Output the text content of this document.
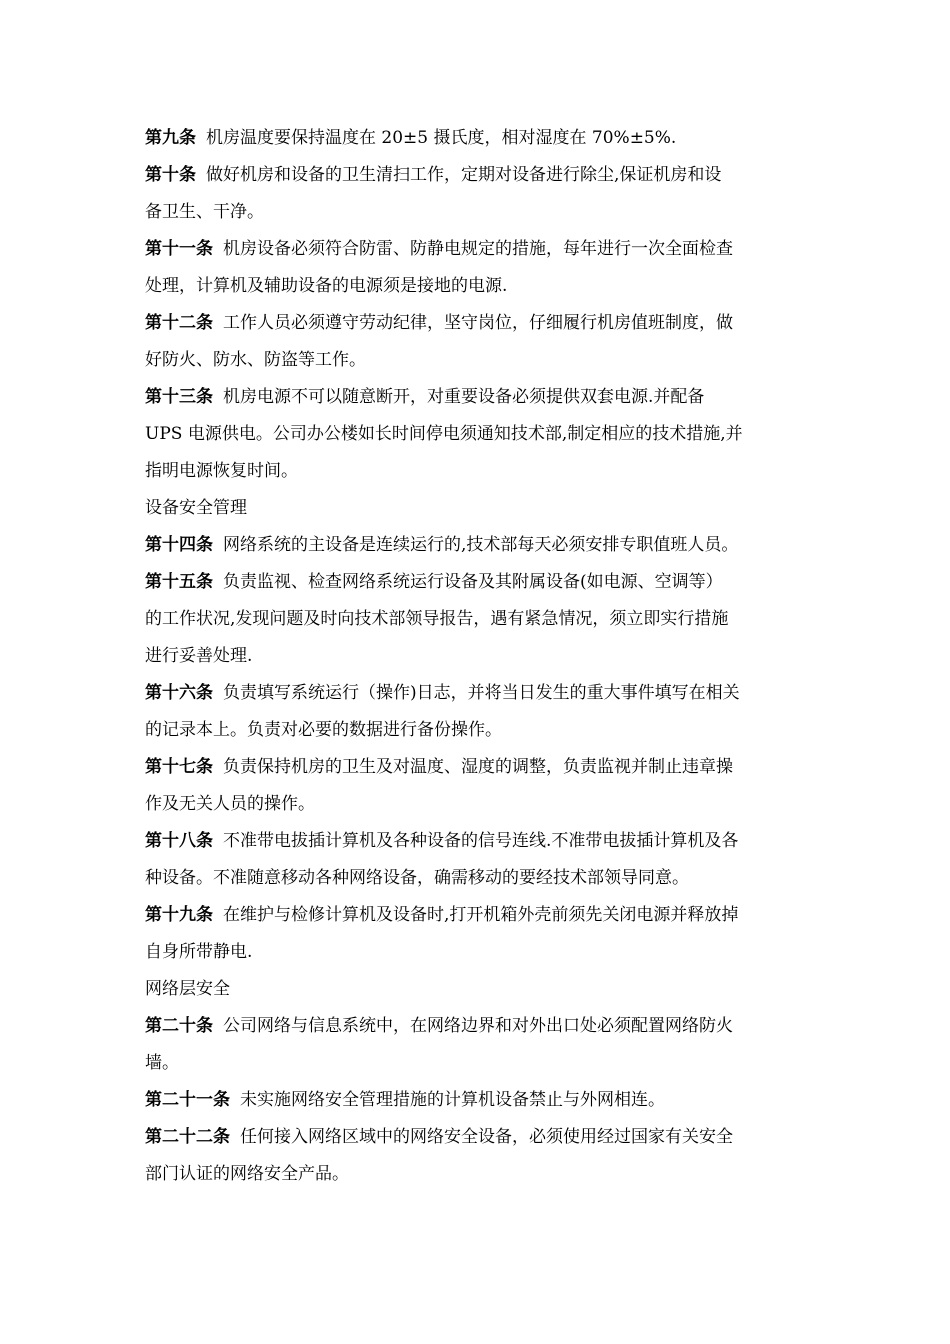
第九条 机房温度要保持温度在 20±5 摄氏度，相对湿度在 70%±5%.
第十条 做好机房和设备的卫生清扫工作，定期对设备进行除尘,保证机房和设
备卫生、干净。
第十一条 机房设备必须符合防雷、防静电规定的措施，每年进行一次全面检查
处理，计算机及辅助设备的电源须是接地的电源.
第十二条 工作人员必须遵守劳动纪律，坚守岗位，仔细履行机房值班制度，做
好防火、防水、防盗等工作。
第十三条 机房电源不可以随意断开，对重要设备必须提供双套电源.并配备
UPS 电源供电。公司办公楼如长时间停电须通知技术部,制定相应的技术措施,并
指明电源恢复时间。
设备安全管理
第十四条 网络系统的主设备是连续运行的,技术部每天必须安排专职值班人员。
第十五条 负责监视、检查网络系统运行设备及其附属设备(如电源、空调等）
的工作状况,发现问题及时向技术部领导报告，遇有紧急情况，须立即实行措施
进行妥善处理.
第十六条 负责填写系统运行（操作)日志，并将当日发生的重大事件填写在相关
的记录本上。负责对必要的数据进行备份操作。
第十七条 负责保持机房的卫生及对温度、湿度的调整，负责监视并制止违章操
作及无关人员的操作。
第十八条 不准带电拔插计算机及各种设备的信号连线.不准带电拔插计算机及各
种设备。不准随意移动各种网络设备，确需移动的要经技术部领导同意。
第十九条 在维护与检修计算机及设备时,打开机箱外壳前须先关闭电源并释放掉
自身所带静电.
网络层安全
第二十条 公司网络与信息系统中，在网络边界和对外出口处必须配置网络防火
墙。
第二十一条 未实施网络安全管理措施的计算机设备禁止与外网相连。
第二十二条 任何接入网络区域中的网络安全设备，必须使用经过国家有关安全
部门认证的网络安全产品。
